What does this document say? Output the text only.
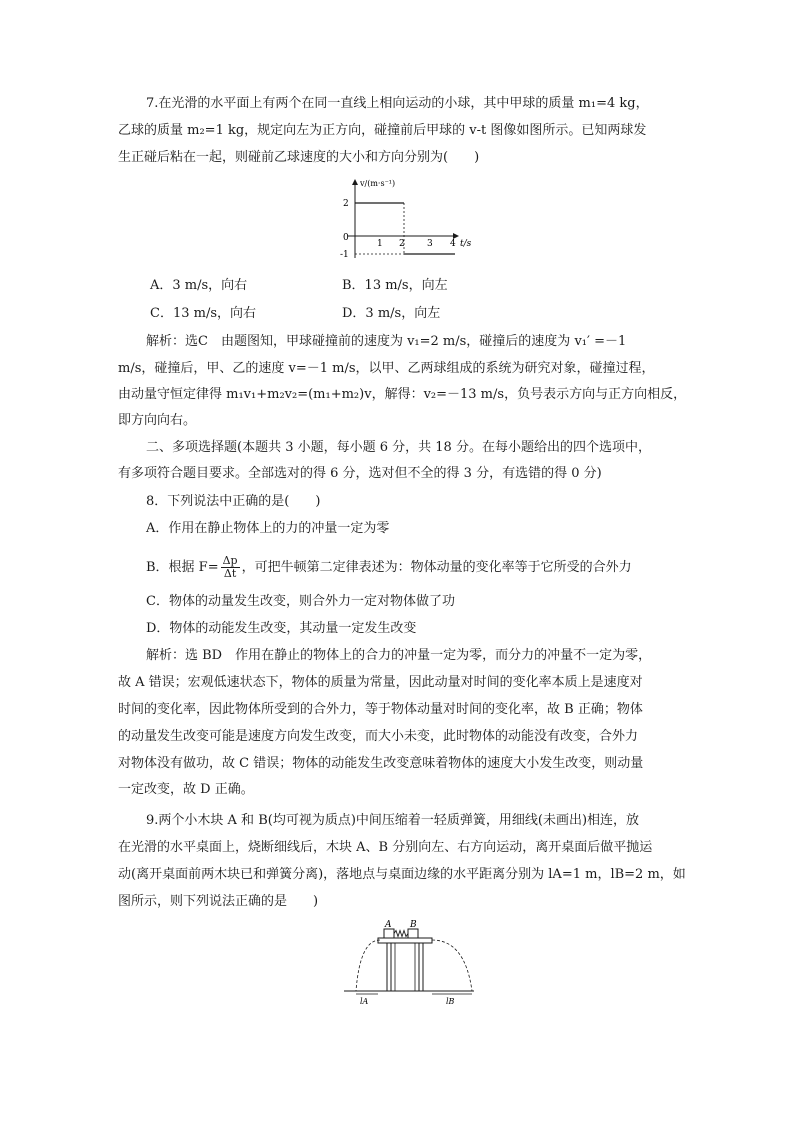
7.在光滑的水平面上有两个在同一直线上相向运动的小球，其中甲球的质量 m₁=4 kg，
乙球的质量 m₂=1 kg，规定向左为正方向，碰撞前后甲球的 v-t 图像如图所示。已知两球发
生正碰后粘在一起，则碰前乙球速度的大小和方向分别为(　　)
v/(m·s⁻¹)
t/s
2
0
-1
1 2 3 4
A．3 m/s，向右	B．13 m/s，向左
C．13 m/s，向右	D．3 m/s，向左
解析：选C　由题图知，甲球碰撞前的速度为 v₁=2 m/s，碰撞后的速度为 v₁′ =－1
m/s，碰撞后，甲、乙的速度 v=－1 m/s，以甲、乙两球组成的系统为研究对象，碰撞过程，
由动量守恒定律得 m₁v₁+m₂v₂=(m₁+m₂)v，解得：v₂=－13 m/s，负号表示方向与正方向相反，
即方向向右。
二、多项选择题(本题共 3 小题，每小题 6 分，共 18 分。在每小题给出的四个选项中，
有多项符合题目要求。全部选对的得 6 分，选对但不全的得 3 分，有选错的得 0 分)
8．下列说法中正确的是(　　)
A．作用在静止物体上的力的冲量一定为零
B．根据 $F= \frac{\Delta p}{\Delta t}$ ，可把牛顿第二定律表述为：物体动量的变化率等于它所受的合外力
C．物体的动量发生改变，则合外力一定对物体做了功
D．物体的动能发生改变，其动量一定发生改变
解析：选 BD　作用在静止的物体上的合力的冲量一定为零，而分力的冲量不一定为零，
故 A 错误；宏观低速状态下，物体的质量为常量，因此动量对时间的变化率本质上是速度对
时间的变化率，因此物体所受到的合外力，等于物体动量对时间的变化率，故 B 正确；物体
的动量发生改变可能是速度方向发生改变，而大小未变，此时物体的动能没有改变，合外力
对物体没有做功，故 C 错误；物体的动能发生改变意味着物体的速度大小发生改变，则动量
一定改变，故 D 正确。
9.两个小木块 A 和 B(均可视为质点)中间压缩着一轻质弹簧，用细线(未画出)相连，放
在光滑的水平桌面上，烧断细线后，木块 A、B 分别向左、右方向运动，离开桌面后做平抛运
动(离开桌面前两木块已和弹簧分离)，落地点与桌面边缘的水平距离分别为 lA=1 m，lB=2 m，如
图所示，则下列说法正确的是　　)
A B
lA	lB
